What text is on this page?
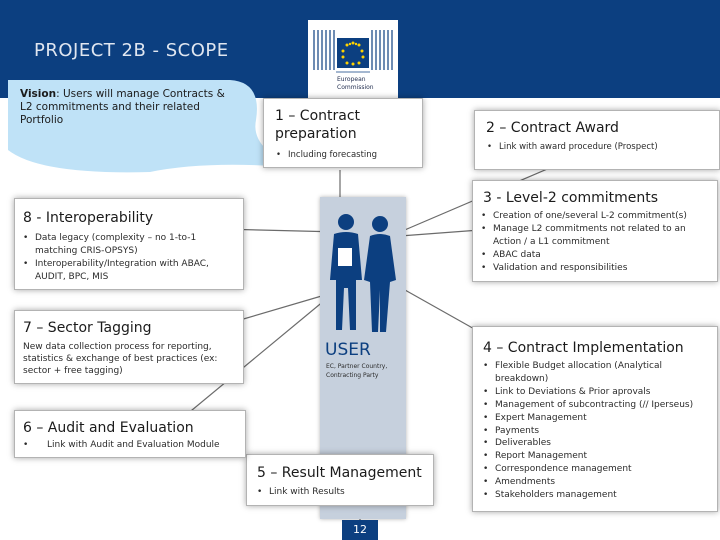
PROJECT 2B - SCOPE
European
Commission
Vision: Users will manage Contracts & L2 commitments and their related Portfolio
USER
EC, Partner Country, Contracting Party
1 – Contract preparation
• Including forecasting
2 – Contract Award
• Link with award procedure (Prospect)
3 - Level-2 commitments
• Creation of one/several L-2 commitment(s)
• Manage L2 commitments not related to an Action / a L1 commitment
• ABAC data
• Validation and responsibilities
4 – Contract Implementation
• Flexible Budget allocation (Analytical breakdown)
• Link to Deviations & Prior aprovals
• Management of subcontracting (// Iperseus)
• Expert Management
• Payments
• Deliverables
• Report Management
• Correspondence management
• Amendments
• Stakeholders management
5 – Result Management
• Link with Results
6 – Audit and Evaluation
• Link with Audit and Evaluation Module
7 – Sector Tagging
New data collection process for reporting, statistics & exchange of best practices (ex: sector + free tagging)
8 - Interoperability
• Data legacy (complexity – no 1-to-1 matching CRIS-OPSYS)
• Interoperability/Integration with ABAC, AUDIT, BPC, MIS
12
